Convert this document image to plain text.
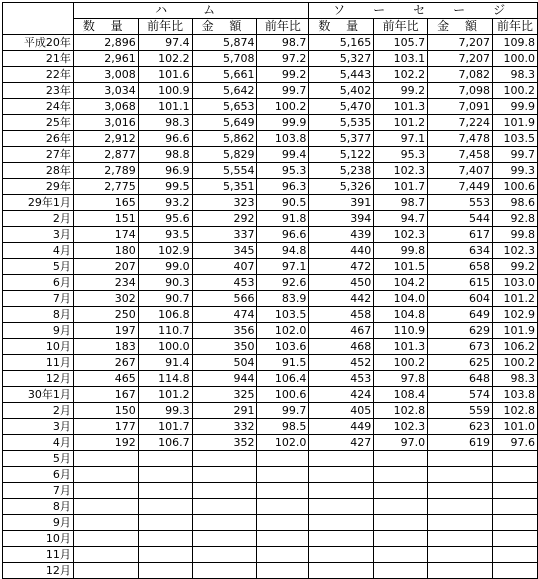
	ハ　ム				ソ　ー　セ　ー　ジ			
	数 量	前年比	金 額	前年比	数 量	前年比	金 額	前年比
平成20年	2,896	97.4	5,874	98.7	5,165	105.7	7,207	109.8
21年	2,961	102.2	5,708	97.2	5,327	103.1	7,207	100.0
22年	3,008	101.6	5,661	99.2	5,443	102.2	7,082	98.3
23年	3,034	100.9	5,642	99.7	5,402	99.2	7,098	100.2
24年	3,068	101.1	5,653	100.2	5,470	101.3	7,091	99.9
25年	3,016	98.3	5,649	99.9	5,535	101.2	7,224	101.9
26年	2,912	96.6	5,862	103.8	5,377	97.1	7,478	103.5
27年	2,877	98.8	5,829	99.4	5,122	95.3	7,458	99.7
28年	2,789	96.9	5,554	95.3	5,238	102.3	7,407	99.3
29年	2,775	99.5	5,351	96.3	5,326	101.7	7,449	100.6
29年1月	165	93.2	323	90.5	391	98.7	553	98.6
2月	151	95.6	292	91.8	394	94.7	544	92.8
3月	174	93.5	337	96.6	439	102.3	617	99.8
4月	180	102.9	345	94.8	440	99.8	634	102.3
5月	207	99.0	407	97.1	472	101.5	658	99.2
6月	234	90.3	453	92.6	450	104.2	615	103.0
7月	302	90.7	566	83.9	442	104.0	604	101.2
8月	250	106.8	474	103.5	458	104.8	649	102.9
9月	197	110.7	356	102.0	467	110.9	629	101.9
10月	183	100.0	350	103.6	468	101.3	673	106.2
11月	267	91.4	504	91.5	452	100.2	625	100.2
12月	465	114.8	944	106.4	453	97.8	648	98.3
30年1月	167	101.2	325	100.6	424	108.4	574	103.8
2月	150	99.3	291	99.7	405	102.8	559	102.8
3月	177	101.7	332	98.5	449	102.3	623	101.0
4月	192	106.7	352	102.0	427	97.0	619	97.6
5月								
6月								
7月								
8月								
9月								
10月								
11月								
12月								
